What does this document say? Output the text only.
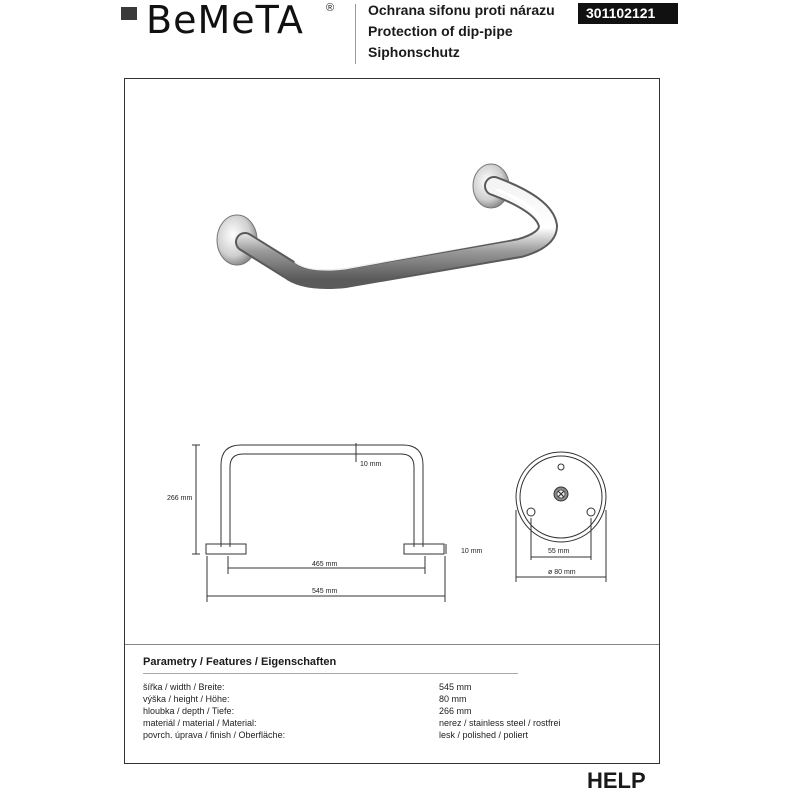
BeMeTA ® Ochrana sifonu proti nárazu
Protection of dip-pipe
Siphonschutz
301102121
266 mm
10 mm
10 mm
465 mm
545 mm
55 mm
ø 80 mm
Parametry / Features / Eigenschaften
šířka / width / Breite:	545 mm
výška / height / Höhe:	80 mm
hloubka / depth / Tiefe:	266 mm
materiál / material / Material:	nerez / stainless steel / rostfrei
povrch. úprava / finish / Oberfläche:	lesk / polished / poliert
HELP
